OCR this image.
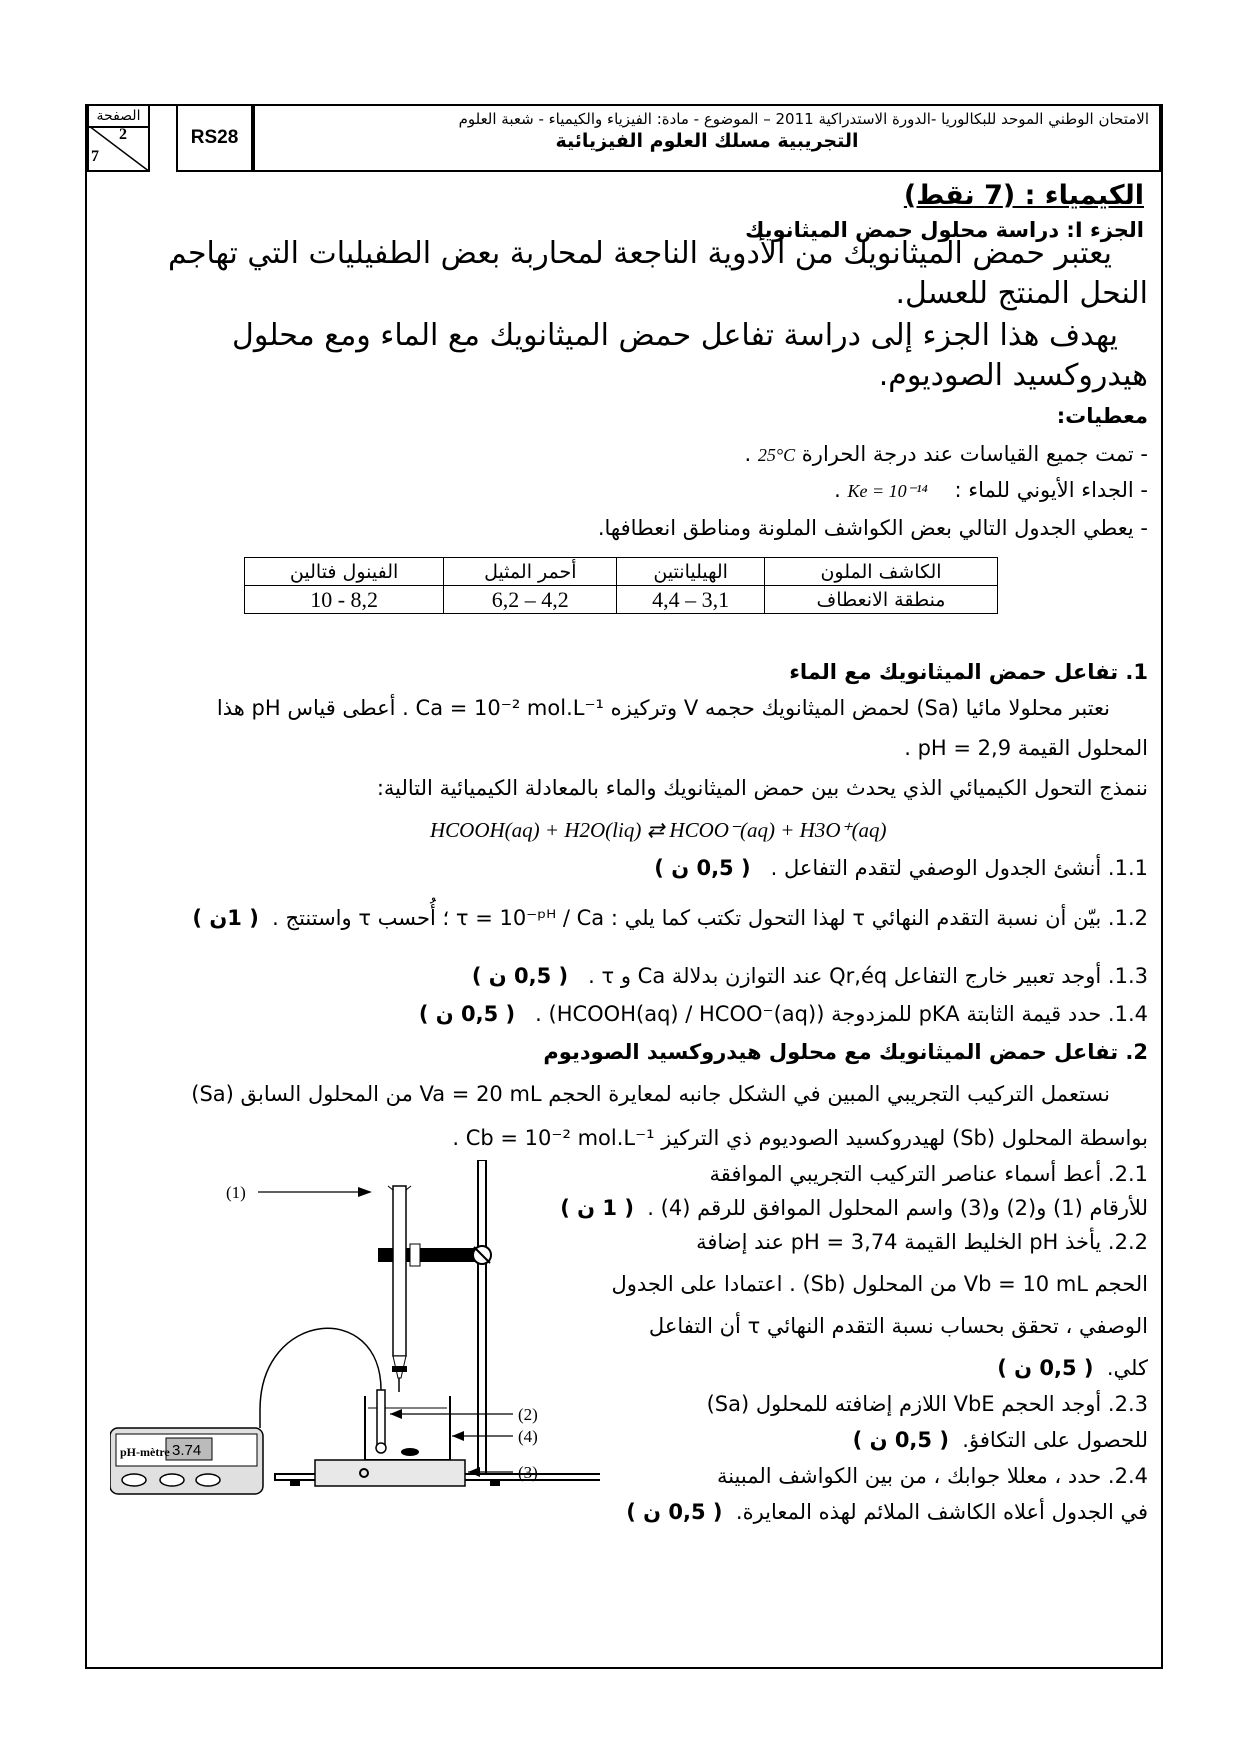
الصفحة
2
7
RS28
الامتحان الوطني الموحد للبكالوريا -الدورة الاستدراكية 2011 – الموضوع - مادة: الفيزياء والكيمياء - شعبة العلوم
التجريبية مسلك العلوم الفيزيائية
الكيمياء : (7 نقط)
الجزء I: دراسة محلول حمض الميثانويك
يعتبر حمض الميثانويك من الأدوية الناجعة لمحاربة بعض الطفيليات التي تهاجم
النحل المنتج للعسل.
يهدف هذا الجزء إلى دراسة تفاعل حمض الميثانويك مع الماء ومع محلول
هيدروكسيد الصوديوم.
معطيات:
- تمت جميع القياسات عند درجة الحرارة 25°C .
- الجداء الأيوني للماء :    Ke = 10⁻¹⁴ .
- يعطي الجدول التالي بعض الكواشف الملونة ومناطق انعطافها.
الكاشف الملون	الهيليانتين	أحمر المثيل	الفينول فتالين
منطقة الانعطاف	3,1 – 4,4	4,2 – 6,2	8,2 - 10
1. تفاعل حمض الميثانويك مع الماء
نعتبر محلولا مائيا (Sa) لحمض الميثانويك حجمه V وتركيزه Ca = 10⁻² mol.L⁻¹ . أعطى قياس pH هذا
المحلول القيمة pH = 2,9 .
ننمذج التحول الكيميائي الذي يحدث بين حمض الميثانويك والماء بالمعادلة الكيميائية التالية:
HCOOH(aq) + H2O(liq) ⇄ HCOO⁻(aq) + H3O⁺(aq)
1.1. أنشئ الجدول الوصفي لتقدم التفاعل .   ( 0,5 ن )
1.2. بيّن أن نسبة التقدم النهائي τ لهذا التحول تكتب كما يلي : τ = 10⁻ᵖᴴ / Ca ؛ أُحسب τ واستنتج .  ( 1ن )
1.3. أوجد تعبير خارج التفاعل Qr,éq عند التوازن بدلالة Ca و τ .   ( 0,5 ن )
1.4. حدد قيمة الثابتة pKA للمزدوجة (HCOOH(aq) / HCOO⁻(aq)) .   ( 0,5 ن )
2. تفاعل حمض الميثانويك مع محلول هيدروكسيد الصوديوم
نستعمل التركيب التجريبي المبين في الشكل جانبه لمعايرة الحجم Va = 20 mL من المحلول السابق (Sa)
بواسطة المحلول (Sb) لهيدروكسيد الصوديوم ذي التركيز Cb = 10⁻² mol.L⁻¹ .
2.1. أعط أسماء عناصر التركيب التجريبي الموافقة
للأرقام (1) و(2) و(3) واسم المحلول الموافق للرقم (4) .  ( 1 ن )
2.2. يأخذ pH الخليط القيمة pH = 3,74 عند إضافة
الحجم Vb = 10 mL من المحلول (Sb) . اعتمادا على الجدول
الوصفي ، تحقق بحساب نسبة التقدم النهائي τ أن التفاعل
كلي.  ( 0,5 ن )
2.3. أوجد الحجم VbE اللازم إضافته للمحلول (Sa)
للحصول على التكافؤ.  ( 0,5 ن )
2.4. حدد ، معللا جوابك ، من بين الكواشف المبينة
في الجدول أعلاه الكاشف الملائم لهذه المعايرة.  ( 0,5 ن )
pH-mètre 3.74
(1)
(2)
(4)
(3)
